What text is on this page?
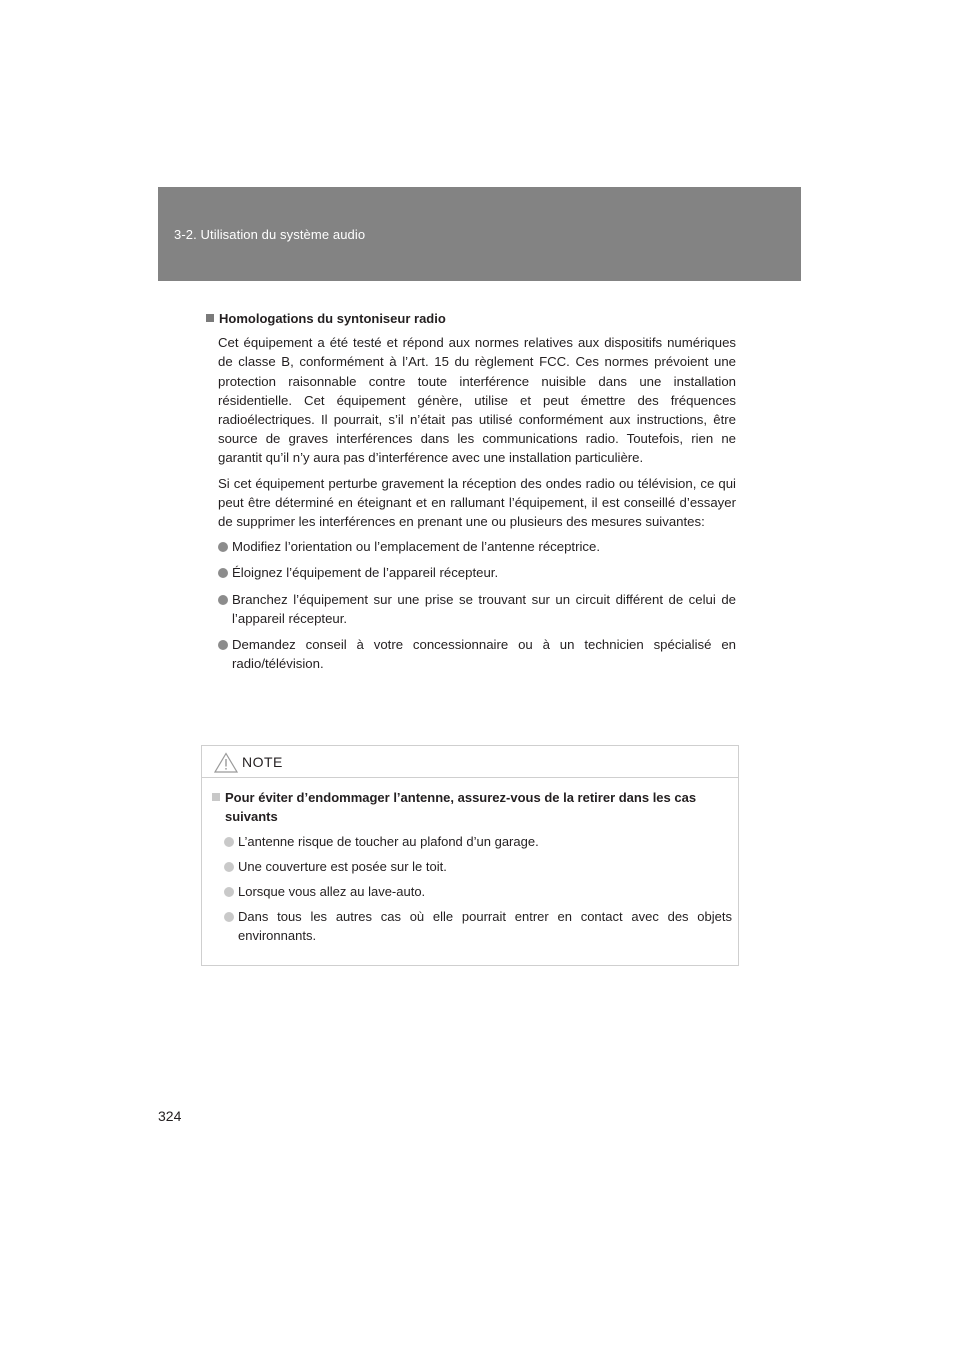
3-2. Utilisation du système audio
Homologations du syntoniseur radio

Cet équipement a été testé et répond aux normes relatives aux dispositifs numériques de classe B, conformément à l’Art. 15 du règlement FCC. Ces normes prévoient une protection raisonnable contre toute interférence nuisible dans une installation résidentielle. Cet équipement génère, utilise et peut émettre des fréquences radioélectriques. Il pourrait, s’il n’était pas utilisé conformément aux instructions, être source de graves interférences dans les communications radio. Toutefois, rien ne garantit qu’il n’y aura pas d’interférence avec une installation particulière.

Si cet équipement perturbe gravement la réception des ondes radio ou télévision, ce qui peut être déterminé en éteignant et en rallumant l’équipement, il est conseillé d’essayer de supprimer les interférences en prenant une ou plusieurs des mesures suivantes:

Modifiez l’orientation ou l’emplacement de l’antenne réceptrice.
Éloignez l’équipement de l’appareil récepteur.
Branchez l’équipement sur une prise se trouvant sur un circuit différent de celui de l’appareil récepteur.
Demandez conseil à votre concessionnaire ou à un technicien spécialisé en radio/télévision.
NOTE
Pour éviter d’endommager l’antenne, assurez-vous de la retirer dans les cas suivants
L’antenne risque de toucher au plafond d’un garage.
Une couverture est posée sur le toit.
Lorsque vous allez au lave-auto.
Dans tous les autres cas où elle pourrait entrer en contact avec des objets environnants.
324
